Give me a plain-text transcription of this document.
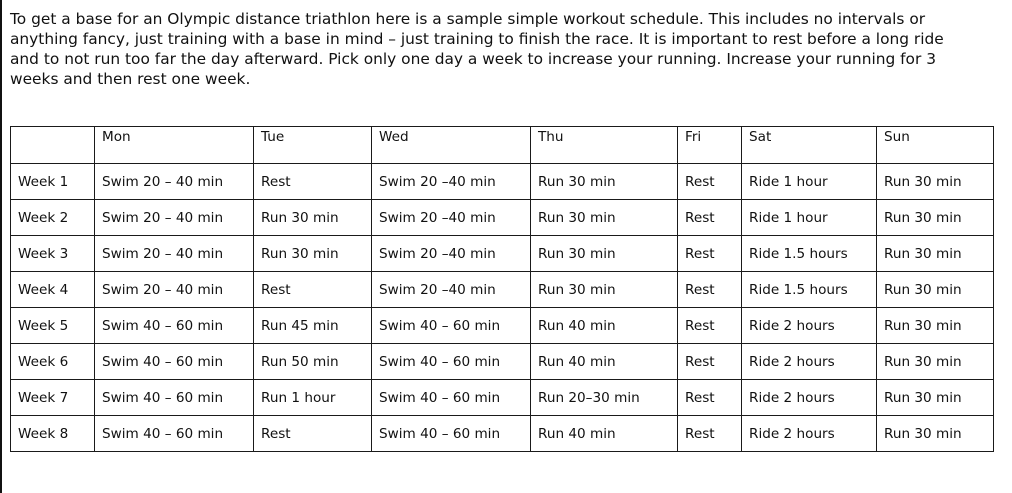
To get a base for an Olympic distance triathlon here is a sample simple workout schedule. This includes no intervals or
anything fancy, just training with a base in mind – just training to finish the race. It is important to rest before a long ride
and to not run too far the day afterward. Pick only one day a week to increase your running. Increase your running for 3
weeks and then rest one week.

	Mon	Tue	Wed	Thu	Fri	Sat	Sun
Week 1	Swim 20 – 40 min	Rest	Swim 20 –40 min	Run 30 min	Rest	Ride 1 hour	Run 30 min
Week 2	Swim 20 – 40 min	Run 30 min	Swim 20 –40 min	Run 30 min	Rest	Ride 1 hour	Run 30 min
Week 3	Swim 20 – 40 min	Run 30 min	Swim 20 –40 min	Run 30 min	Rest	Ride 1.5 hours	Run 30 min
Week 4	Swim 20 – 40 min	Rest	Swim 20 –40 min	Run 30 min	Rest	Ride 1.5 hours	Run 30 min
Week 5	Swim 40 – 60 min	Run 45 min	Swim 40 – 60 min	Run 40 min	Rest	Ride 2 hours	Run 30 min
Week 6	Swim 40 – 60 min	Run 50 min	Swim 40 – 60 min	Run 40 min	Rest	Ride 2 hours	Run 30 min
Week 7	Swim 40 – 60 min	Run 1 hour	Swim 40 – 60 min	Run 20–30 min	Rest	Ride 2 hours	Run 30 min
Week 8	Swim 40 – 60 min	Rest	Swim 40 – 60 min	Run 40 min	Rest	Ride 2 hours	Run 30 min
